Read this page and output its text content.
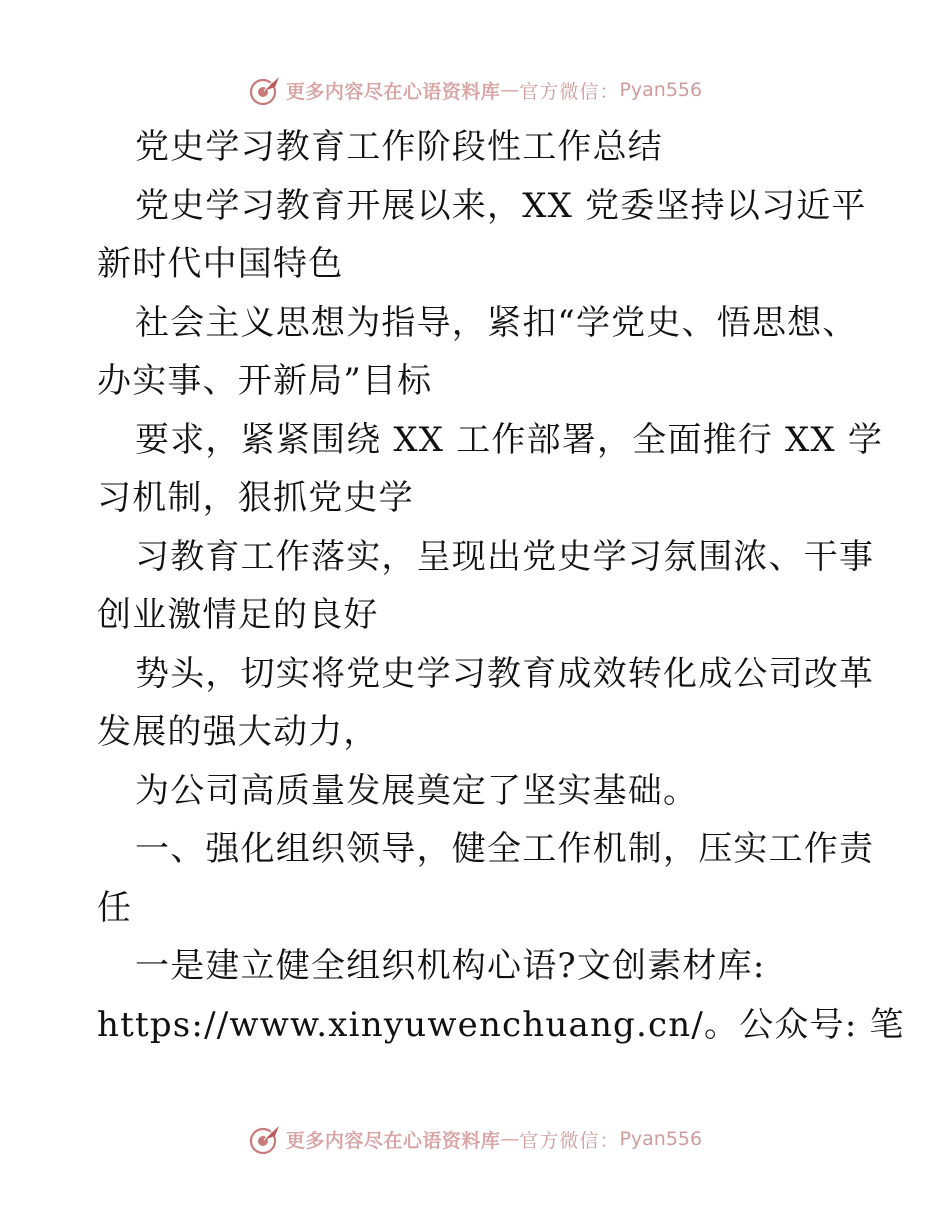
更多内容尽在心语资料库 — 官方微信： Pyan556
党史学习教育工作阶段性工作总结
党史学习教育开展以来，XX 党委坚持以习近平
新时代中国特色
社会主义思想为指导，紧扣“学党史、悟思想、
办实事、开新局”目标
要求，紧紧围绕 XX 工作部署，全面推行 XX 学
习机制，狠抓党史学
习教育工作落实，呈现出党史学习氛围浓、干事
创业激情足的良好
势头，切实将党史学习教育成效转化成公司改革
发展的强大动力，
为公司高质量发展奠定了坚实基础。
一、强化组织领导，健全工作机制，压实工作责
任
一是建立健全组织机构心语?文创素材库:
https://www.xinyuwenchuang.cn/。公众号: 笔
更多内容尽在心语资料库 — 官方微信： Pyan556
